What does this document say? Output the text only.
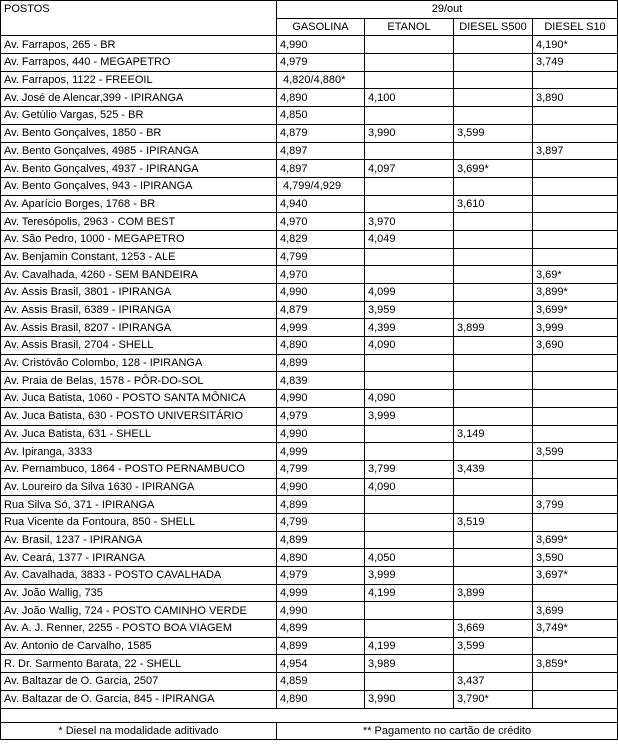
POSTOS	29/out			
	GASOLINA	ETANOL	DIESEL S500	DIESEL S10
Av. Farrapos, 265 - BR	4,990			4,190*
Av. Farrapos, 440 - MEGAPETRO	4,979			3,749
Av. Farrapos, 1122 - FREEOIL	4,820/4,880*			
Av. José de Alencar,399 - IPIRANGA	4,890	4,100		3,890
Av. Getúlio Vargas, 525 - BR	4,850			
Av. Bento Gonçalves, 1850 - BR	4,879	3,990	3,599	
Av. Bento Gonçalves, 4985 - IPIRANGA	4,897			3,897
Av. Bento Gonçalves, 4937 - IPIRANGA	4,897	4,097	3,699*	
Av. Bento Gonçalves, 943 - IPIRANGA	4,799/4,929			
Av. Aparício Borges, 1768 - BR	4,940		3,610	
Av. Teresópolis, 2963 - COM BEST	4,970	3,970		
Av. São Pedro, 1000 - MEGAPETRO	4,829	4,049		
Av. Benjamin Constant, 1253 - ALE	4,799			
Av. Cavalhada, 4260 - SEM BANDEIRA	4,970			3,69*
Av. Assis Brasil, 3801 - IPIRANGA	4,990	4,099		3,899*
Av. Assis Brasil, 6389 - IPIRANGA	4,879	3,959		3,699*
Av. Assis Brasil, 8207 - IPIRANGA	4,999	4,399	3,899	3,999
Av. Assis Brasil, 2704 - SHELL	4,890	4,090		3,690
Av. Cristóvão Colombo, 128 - IPIRANGA	4,899			
Av. Praia de Belas, 1578 - PÔR-DO-SOL	4,839			
Av. Juca Batista, 1060 - POSTO SANTA MÔNICA	4,990	4,090		
Av. Juca Batista, 630 - POSTO UNIVERSITÁRIO	4,979	3,999		
Av. Juca Batista, 631 - SHELL	4,990		3,149	
Av. Ipiranga, 3333	4,999			3,599
Av. Pernambuco, 1864 - POSTO PERNAMBUCO	4,799	3,799	3,439	
Av. Loureiro da Silva 1630 - IPIRANGA	4,990	4,090		
Rua Silva Só, 371 - IPIRANGA	4,899			3,799
Rua Vicente da Fontoura, 850 - SHELL	4,799		3,519	
Av. Brasil, 1237 - IPIRANGA	4,899			3,699*
Av. Ceará, 1377 - IPIRANGA	4,890	4,050		3,590
Av. Cavalhada, 3833 - POSTO CAVALHADA	4,979	3,999		3,697*
Av. João Wallig, 735	4,999	4,199	3,899	
Av. João Wallig, 724 - POSTO CAMINHO VERDE	4,990			3,699
Av. A. J. Renner, 2255 - POSTO BOA VIAGEM	4,899		3,669	3,749*
Av. Antonio de Carvalho, 1585	4,899	4,199	3,599	
R. Dr. Sarmento Barata, 22 - SHELL	4,954	3,989		3,859*
Av. Baltazar de O. Garcia, 2507	4,859		3,437	
Av. Baltazar de O. Garcia, 845 - IPIRANGA	4,890	3,990	3,790*	

* Diesel na modalidade aditivado	** Pagamento no cartão de crédito			
